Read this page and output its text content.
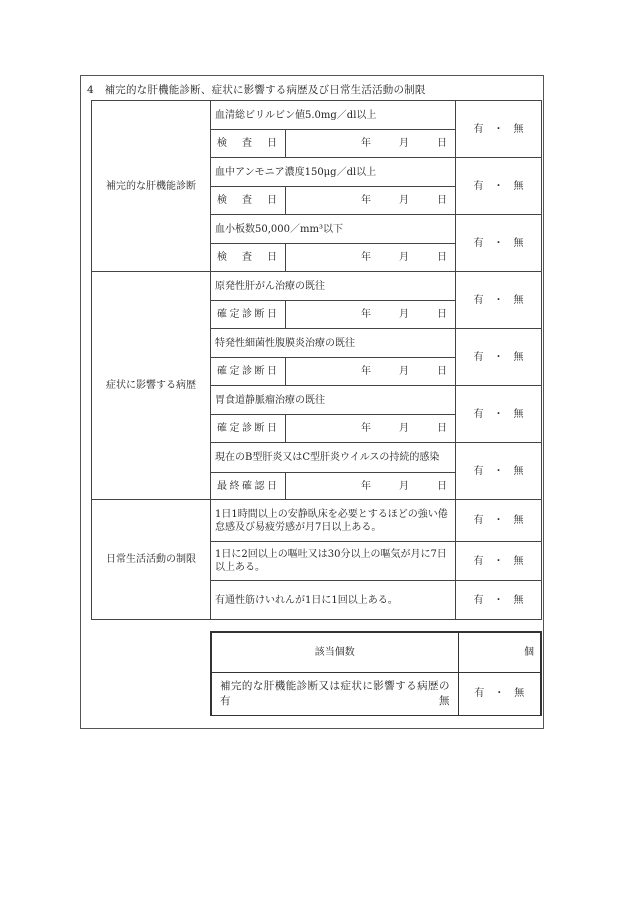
4　補完的な肝機能診断、症状に影響する病歴及び日常生活活動の制限
補完的な肝機能診断	血清総ビリルビン値5.0mg／dl以上		有　・　無
	検　査　日	年 月 日	
	血中アンモニア濃度150μg／dl以上		有　・　無
	検　査　日	年 月 日	
	血小板数50,000／mm³以下		有　・　無
	検　査　日	年 月 日	
症状に影響する病歴	原発性肝がん治療の既往		有　・　無
	確定診断日	年 月 日	
	特発性細菌性腹膜炎治療の既往		有　・　無
	確定診断日	年 月 日	
	胃食道静脈瘤治療の既往		有　・　無
	確定診断日	年 月 日	
	現在のB型肝炎又はC型肝炎ウイルスの持続的感染		有　・　無
	最終確認日	年 月 日	
日常生活活動の制限	1日1時間以上の安静臥床を必要とするほどの強い倦怠感及び易疲労感が月7日以上ある。		有　・　無
	1日に2回以上の嘔吐又は30分以上の嘔気が月に7日以上ある。		有　・　無
	有通性筋けいれんが1日に1回以上ある。		有　・　無
該当個数	個
補完的な肝機能診断又は症状に影響する病歴の有無	有　・　無
